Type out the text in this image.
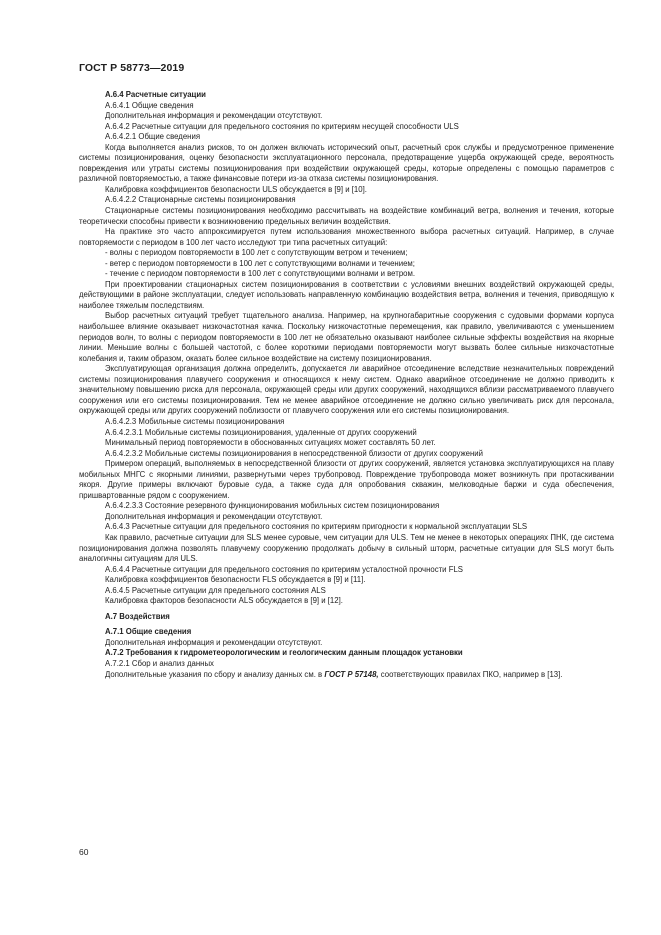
ГОСТ Р 58773—2019

А.6.4 Расчетные ситуации

А.6.4.1 Общие сведения

Дополнительная информация и рекомендации отсутствуют.

А.6.4.2 Расчетные ситуации для предельного состояния по критериям несущей способности ULS

А.6.4.2.1 Общие сведения

Когда выполняется анализ рисков, то он должен включать исторический опыт, расчетный срок службы и предусмотренное применение системы позиционирования, оценку безопасности эксплуатационного персонала, предотвращение ущерба окружающей среде, вероятность повреждения или утраты системы позиционирования при воздействии окружающей среды, которые определены с помощью параметров с различной повторяемостью, а также финансовые потери из-за отказа системы позиционирования.

Калибровка коэффициентов безопасности ULS обсуждается в [9] и [10].

А.6.4.2.2 Стационарные системы позиционирования

Стационарные системы позиционирования необходимо рассчитывать на воздействие комбинаций ветра, волнения и течения, которые теоретически способны привести к возникновению предельных величин воздействия.

На практике это часто аппроксимируется путем использования множественного выбора расчетных ситуаций. Например, в случае повторяемости с периодом в 100 лет часто исследуют три типа расчетных ситуаций:

- волны с периодом повторяемости в 100 лет с сопутствующим ветром и течением;
- ветер с периодом повторяемости в 100 лет с сопутствующими волнами и течением;
- течение с периодом повторяемости в 100 лет с сопутствующими волнами и ветром.

При проектировании стационарных систем позиционирования в соответствии с условиями внешних воздействий окружающей среды, действующими в районе эксплуатации, следует использовать направленную комбинацию воздействия ветра, волнения и течения, приводящую к наиболее тяжелым последствиям.

Выбор расчетных ситуаций требует тщательного анализа. Например, на крупногабаритные сооружения с судовыми формами корпуса наибольшее влияние оказывает низкочастотная качка. Поскольку низкочастотные перемещения, как правило, увеличиваются с уменьшением периодов волн, то волны с периодом повторяемости в 100 лет не обязательно оказывают наиболее сильные эффекты воздействия на якорные линии. Меньшие волны с большей частотой, с более короткими периодами повторяемости могут вызвать более сильные низкочастотные колебания и, таким образом, оказать более сильное воздействие на систему позиционирования.

Эксплуатирующая организация должна определить, допускается ли аварийное отсоединение вследствие незначительных повреждений системы позиционирования плавучего сооружения и относящихся к нему систем. Однако аварийное отсоединение не должно приводить к значительному повышению риска для персонала, окружающей среды или других сооружений, находящихся вблизи рассматриваемого плавучего сооружения или его системы позиционирования. Тем не менее аварийное отсоединение не должно сильно увеличивать риск для персонала, окружающей среды или других сооружений поблизости от плавучего сооружения или его системы позиционирования.

А.6.4.2.3 Мобильные системы позиционирования

А.6.4.2.3.1 Мобильные системы позиционирования, удаленные от других сооружений

Минимальный период повторяемости в обоснованных ситуациях может составлять 50 лет.

А.6.4.2.3.2 Мобильные системы позиционирования в непосредственной близости от других сооружений

Примером операций, выполняемых в непосредственной близости от других сооружений, является установка эксплуатирующихся на плаву мобильных МНГС с якорными линиями, развернутыми через трубопровод. Повреждение трубопровода может возникнуть при протаскивании якоря. Другие примеры включают буровые суда, а также суда для опробования скважин, мелководные баржи и суда обеспечения, пришвартованные рядом с сооружением.

А.6.4.2.3.3 Состояние резервного функционирования мобильных систем позиционирования

Дополнительная информация и рекомендации отсутствуют.

А.6.4.3 Расчетные ситуации для предельного состояния по критериям пригодности к нормальной эксплуатации SLS

Как правило, расчетные ситуации для SLS менее суровые, чем ситуации для ULS. Тем не менее в некоторых операциях ПНК, где система позиционирования должна позволять плавучему сооружению продолжать добычу в сильный шторм, расчетные ситуации для SLS могут быть аналогичны ситуациям для ULS.

А.6.4.4 Расчетные ситуации для предельного состояния по критериям усталостной прочности FLS

Калибровка коэффициентов безопасности FLS обсуждается в [9] и [11].

А.6.4.5 Расчетные ситуации для предельного состояния ALS

Калибровка факторов безопасности ALS обсуждается в [9] и [12].

А.7 Воздействия

А.7.1 Общие сведения

Дополнительная информация и рекомендации отсутствуют.

А.7.2 Требования к гидрометеорологическим и геологическим данным площадок установки

А.7.2.1 Сбор и анализ данных

Дополнительные указания по сбору и анализу данных см. в ГОСТ Р 57148, соответствующих правилах ПКО, например в [13].

60
